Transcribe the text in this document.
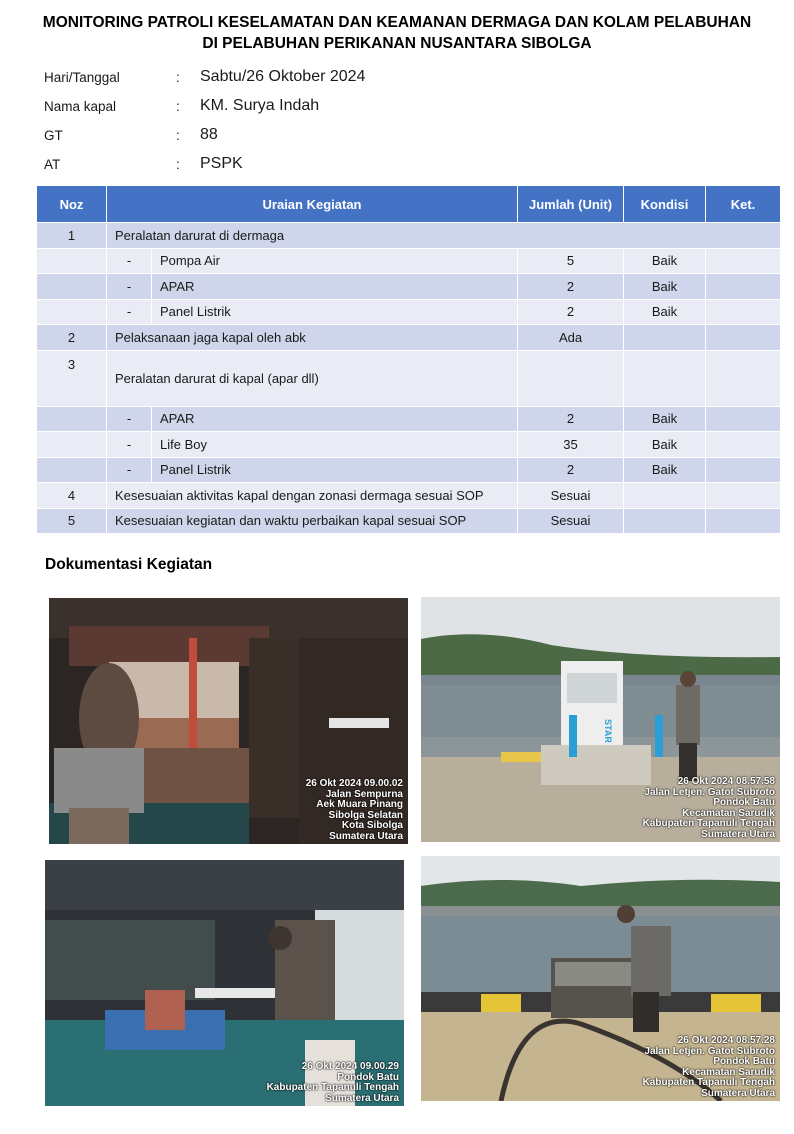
MONITORING PATROLI KESELAMATAN DAN KEAMANAN DERMAGA DAN KOLAM PELABUHAN
DI PELABUHAN PERIKANAN NUSANTARA SIBOLGA
Hari/Tanggal	: Sabtu/26 Oktober 2024
Nama kapal	: KM. Surya Indah
GT	: 88
AT	: PSPK
Noz	Uraian Kegiatan		Jumlah (Unit)	Kondisi	Ket.
1	Peralatan darurat di dermaga				
	-	Pompa Air	5	Baik	
	-	APAR	2	Baik	
	-	Panel Listrik	2	Baik	
2	Pelaksanaan jaga kapal oleh abk		Ada		
3	Peralatan darurat di kapal (apar dll)				
	-	APAR	2	Baik	
	-	Life Boy	35	Baik	
	-	Panel Listrik	2	Baik	
4	Kesesuaian aktivitas kapal dengan zonasi dermaga sesuai SOP		Sesuai		
5	Kesesuaian kegiatan dan waktu perbaikan kapal sesuai SOP		Sesuai		
Dokumentasi Kegiatan
26 Okt 2024 09.00.02
Jalan Sempurna
Aek Muara Pinang
Sibolga Selatan
Kota Sibolga
Sumatera Utara
STAR
26 Okt 2024 08.57.58
Jalan Letjen. Gatot Subroto
Pondok Batu
Kecamatan Sarudik
Kabupaten Tapanuli Tengah
Sumatera Utara
26 Okt 2024 09.00.29
Pondok Batu
Kabupaten Tapanuli Tengah
Sumatera Utara
26 Okt 2024 08.57.28
Jalan Letjen. Gatot Subroto
Pondok Batu
Kecamatan Sarudik
Kabupaten Tapanuli Tengah
Sumatera Utara
